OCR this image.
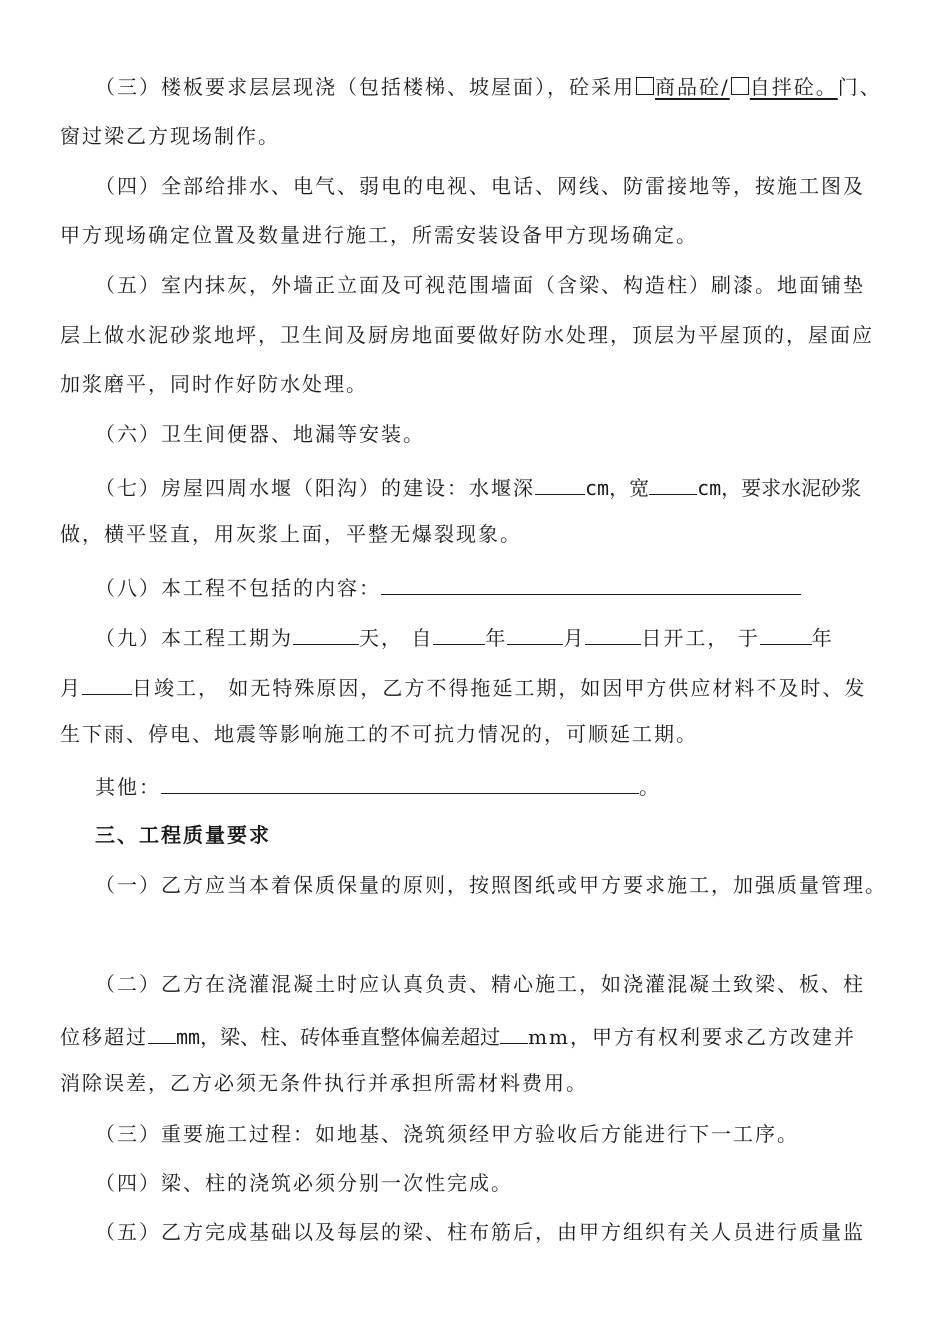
（三）楼板要求层层现浇（包括楼梯、坡屋面），砼采用 商品砼/ 自拌砼。门、
窗过梁乙方现场制作。
（四）全部给排水、电气、弱电的电视、电话、网线、防雷接地等，按施工图及
甲方现场确定位置及数量进行施工，所需安装设备甲方现场确定。
（五）室内抹灰，外墙正立面及可视范围墙面（含梁、构造柱）刷漆。地面铺垫
层上做水泥砂浆地坪，卫生间及厨房地面要做好防水处理，顶层为平屋顶的，屋面应
加浆磨平，同时作好防水处理。
（六）卫生间便器、地漏等安装。
（七）房屋四周水堰（阳沟）的建设：水堰深	cm，宽 cm，要求水泥砂浆
做，横平竖直，用灰浆上面，平整无爆裂现象。
（八）本工程不包括的内容：
（九）本工程工期为	天， 自	年	月	日开工， 于	年
月	日竣工， 如无特殊原因，乙方不得拖延工期，如因甲方供应材料不及时、发
生下雨、停电、地震等影响施工的不可抗力情况的，可顺延工期。
其他：	。
三、工程质量要求
（一）乙方应当本着保质保量的原则，按照图纸或甲方要求施工，加强质量管理。
（二）乙方在浇灌混凝土时应认真负责、精心施工，如浇灌混凝土致梁、板、柱
位移超过 mm，梁、柱、砖体垂直整体偏差超过 mm，甲方有权利要求乙方改建并
消除误差，乙方必须无条件执行并承担所需材料费用。
（三）重要施工过程：如地基、浇筑须经甲方验收后方能进行下一工序。
（四）梁、柱的浇筑必须分别一次性完成。
（五）乙方完成基础以及每层的梁、柱布筋后，由甲方组织有关人员进行质量监
